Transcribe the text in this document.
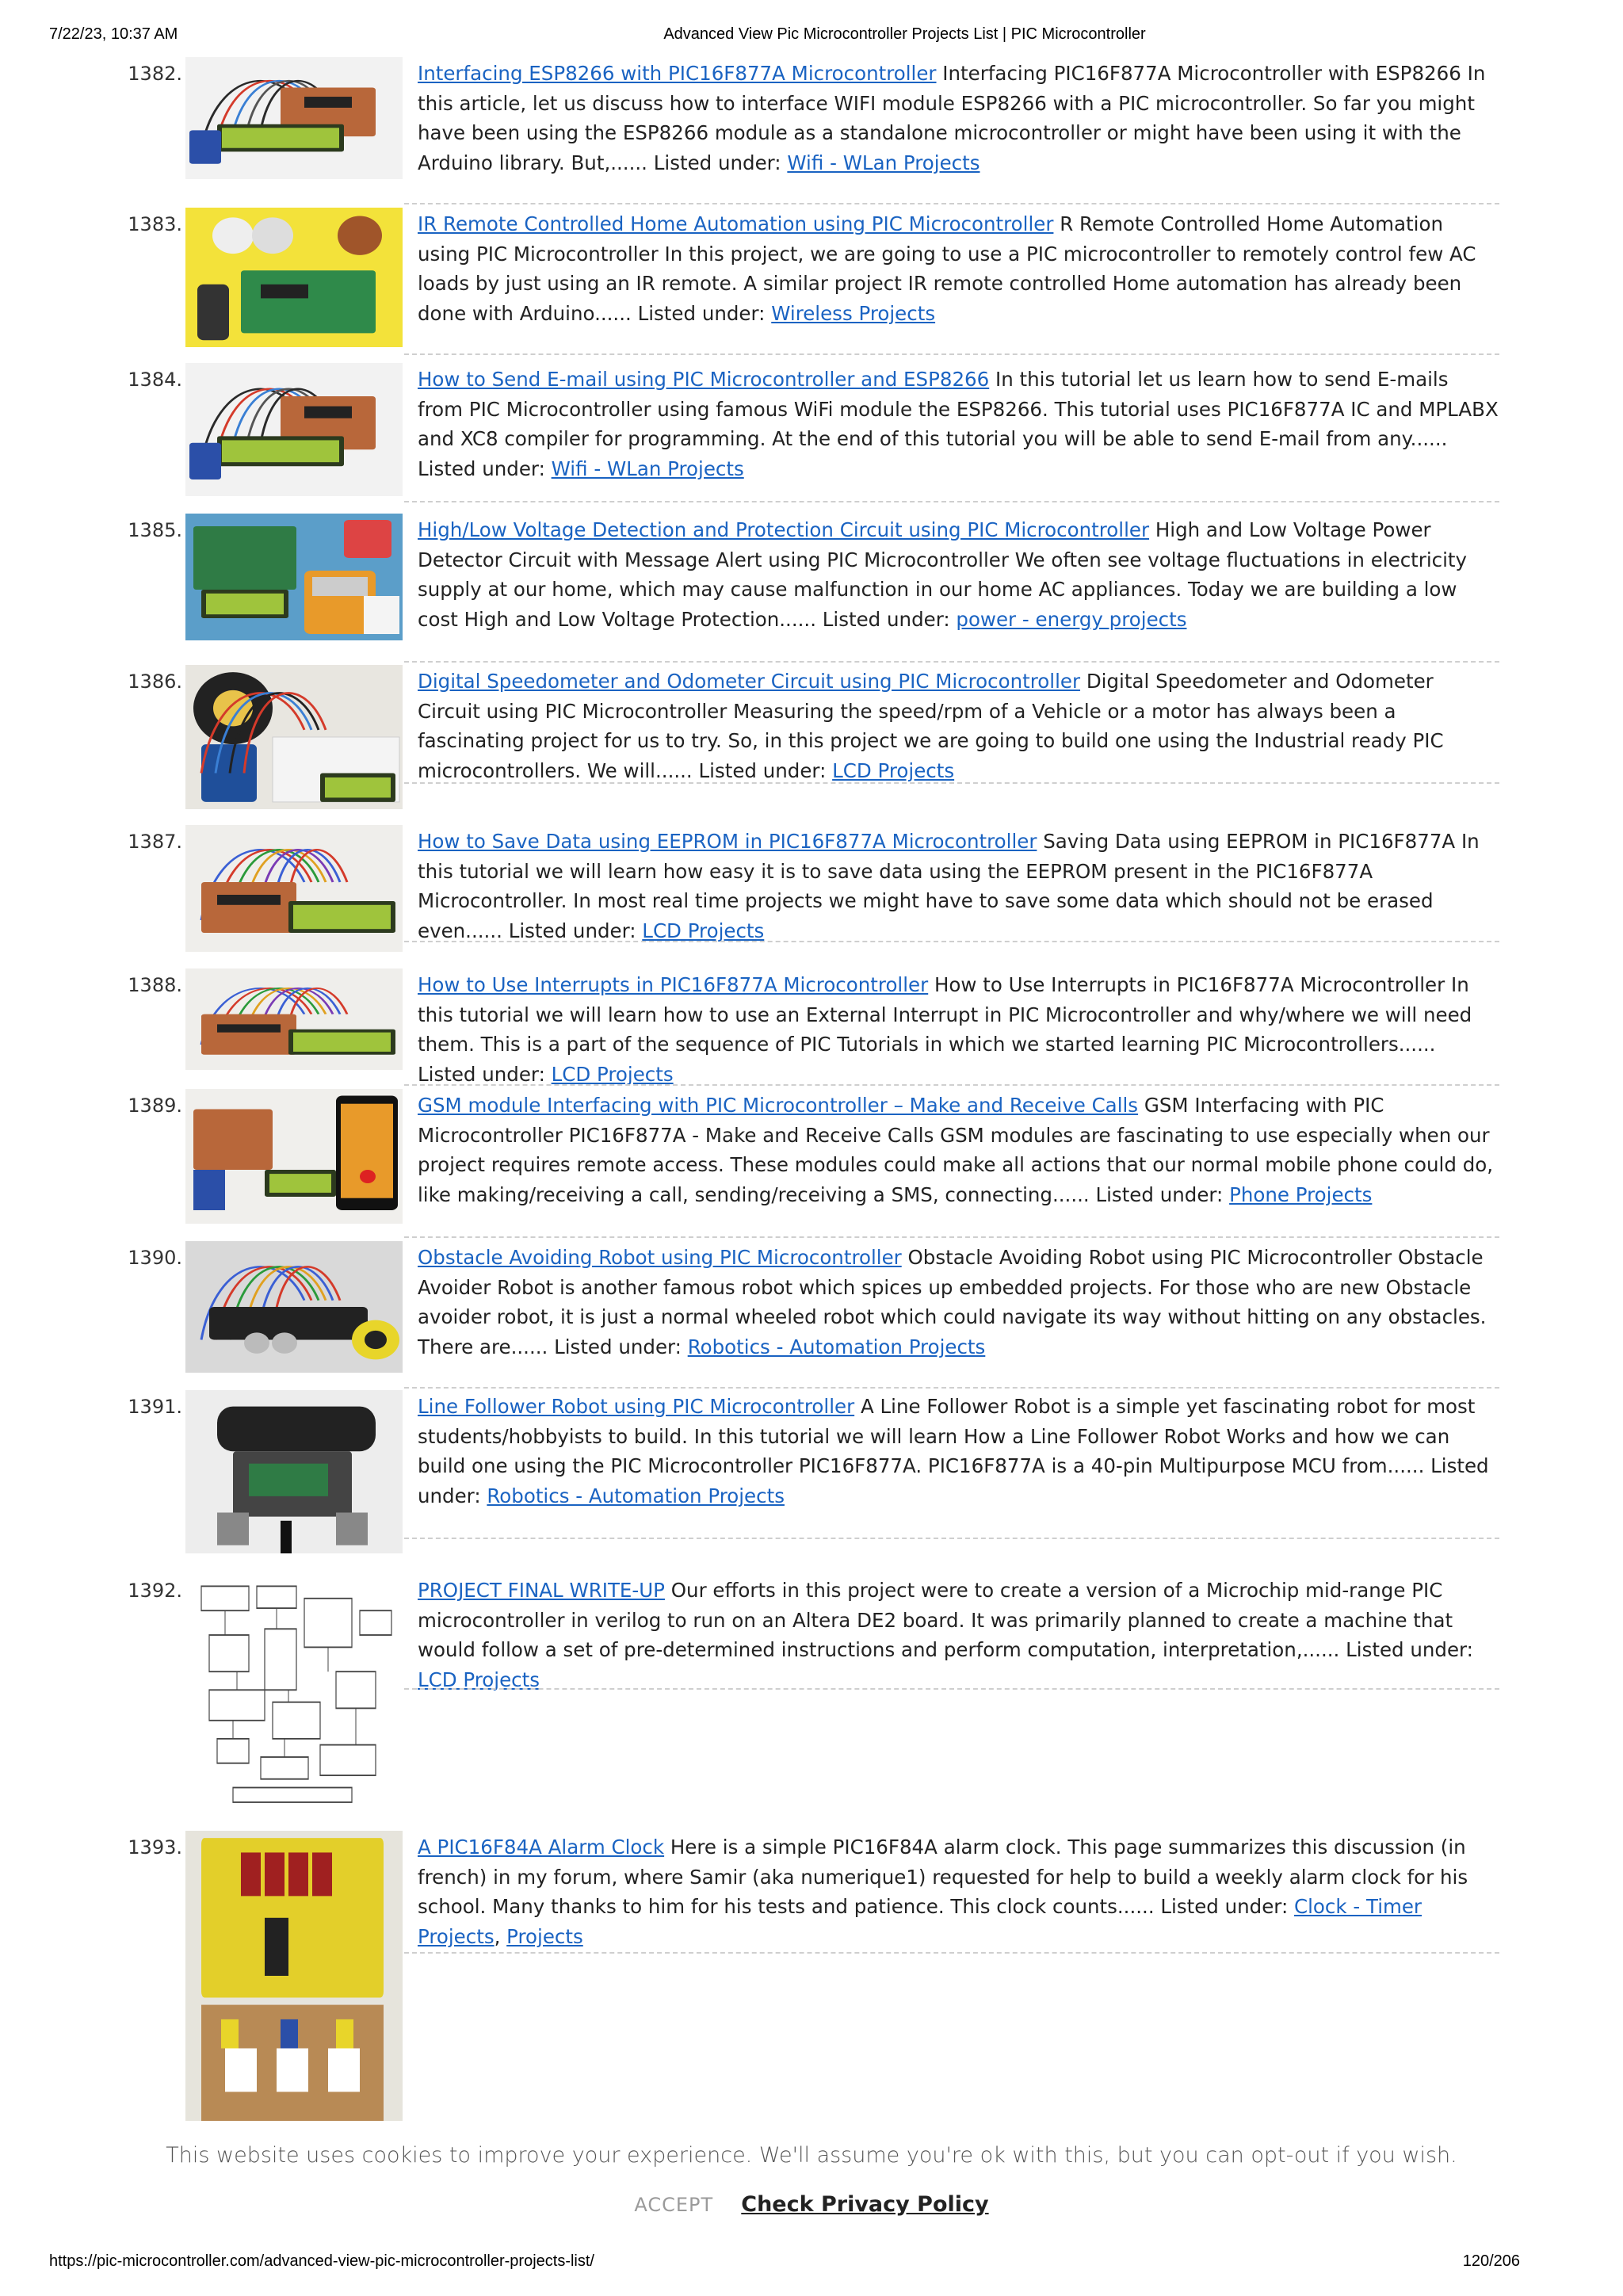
7/22/23, 10:37 AM	Advanced View Pic Microcontroller Projects List | PIC Microcontroller
1382.	Interfacing ESP8266 with PIC16F877A Microcontroller Interfacing PIC16F877A Microcontroller with ESP8266 In this article, let us discuss how to interface WIFI module ESP8266 with a PIC microcontroller. So far you might have been using the ESP8266 module as a standalone microcontroller or might have been using it with the Arduino library. But,...... Listed under: Wifi - WLan Projects
1383.	IR Remote Controlled Home Automation using PIC Microcontroller R Remote Controlled Home Automation using PIC Microcontroller In this project, we are going to use a PIC microcontroller to remotely control few AC loads by just using an IR remote. A similar project IR remote controlled Home automation has already been done with Arduino...... Listed under: Wireless Projects
1384.	How to Send E-mail using PIC Microcontroller and ESP8266 In this tutorial let us learn how to send E-mails from PIC Microcontroller using famous WiFi module the ESP8266. This tutorial uses PIC16F877A IC and MPLABX and XC8 compiler for programming. At the end of this tutorial you will be able to send E-mail from any...... Listed under: Wifi - WLan Projects
1385.	High/Low Voltage Detection and Protection Circuit using PIC Microcontroller High and Low Voltage Power Detector Circuit with Message Alert using PIC Microcontroller We often see voltage fluctuations in electricity supply at our home, which may cause malfunction in our home AC appliances. Today we are building a low cost High and Low Voltage Protection...... Listed under: power - energy projects
1386.	Digital Speedometer and Odometer Circuit using PIC Microcontroller Digital Speedometer and Odometer Circuit using PIC Microcontroller Measuring the speed/rpm of a Vehicle or a motor has always been a fascinating project for us to try. So, in this project we are going to build one using the Industrial ready PIC microcontrollers. We will...... Listed under: LCD Projects
1387.	How to Save Data using EEPROM in PIC16F877A Microcontroller Saving Data using EEPROM in PIC16F877A In this tutorial we will learn how easy it is to save data using the EEPROM present in the PIC16F877A Microcontroller. In most real time projects we might have to save some data which should not be erased even...... Listed under: LCD Projects
1388.	How to Use Interrupts in PIC16F877A Microcontroller How to Use Interrupts in PIC16F877A Microcontroller In this tutorial we will learn how to use an External Interrupt in PIC Microcontroller and why/where we will need them. This is a part of the sequence of PIC Tutorials in which we started learning PIC Microcontrollers...... Listed under: LCD Projects
1389.	GSM module Interfacing with PIC Microcontroller – Make and Receive Calls GSM Interfacing with PIC Microcontroller PIC16F877A - Make and Receive Calls GSM modules are fascinating to use especially when our project requires remote access. These modules could make all actions that our normal mobile phone could do, like making/receiving a call, sending/receiving a SMS, connecting...... Listed under: Phone Projects
1390.	Obstacle Avoiding Robot using PIC Microcontroller Obstacle Avoiding Robot using PIC Microcontroller Obstacle Avoider Robot is another famous robot which spices up embedded projects. For those who are new Obstacle avoider robot, it is just a normal wheeled robot which could navigate its way without hitting on any obstacles. There are...... Listed under: Robotics - Automation Projects
1391.	Line Follower Robot using PIC Microcontroller A Line Follower Robot is a simple yet fascinating robot for most students/hobbyists to build. In this tutorial we will learn How a Line Follower Robot Works and how we can build one using the PIC Microcontroller PIC16F877A. PIC16F877A is a 40-pin Multipurpose MCU from...... Listed under: Robotics - Automation Projects
1392.	PROJECT FINAL WRITE-UP Our efforts in this project were to create a version of a Microchip mid-range PIC microcontroller in verilog to run on an Altera DE2 board. It was primarily planned to create a machine that would follow a set of pre-determined instructions and perform computation, interpretation,...... Listed under: LCD Projects
1393.	A PIC16F84A Alarm Clock Here is a simple PIC16F84A alarm clock. This page summarizes this discussion (in french) in my forum, where Samir (aka numerique1) requested for help to build a weekly alarm clock for his school. Many thanks to him for his tests and patience. This clock counts...... Listed under: Clock - Timer Projects, Projects
This website uses cookies to improve your experience. We'll assume you're ok with this, but you can opt-out if you wish.
ACCEPT Check Privacy Policy
https://pic-microcontroller.com/advanced-view-pic-microcontroller-projects-list/	120/206
